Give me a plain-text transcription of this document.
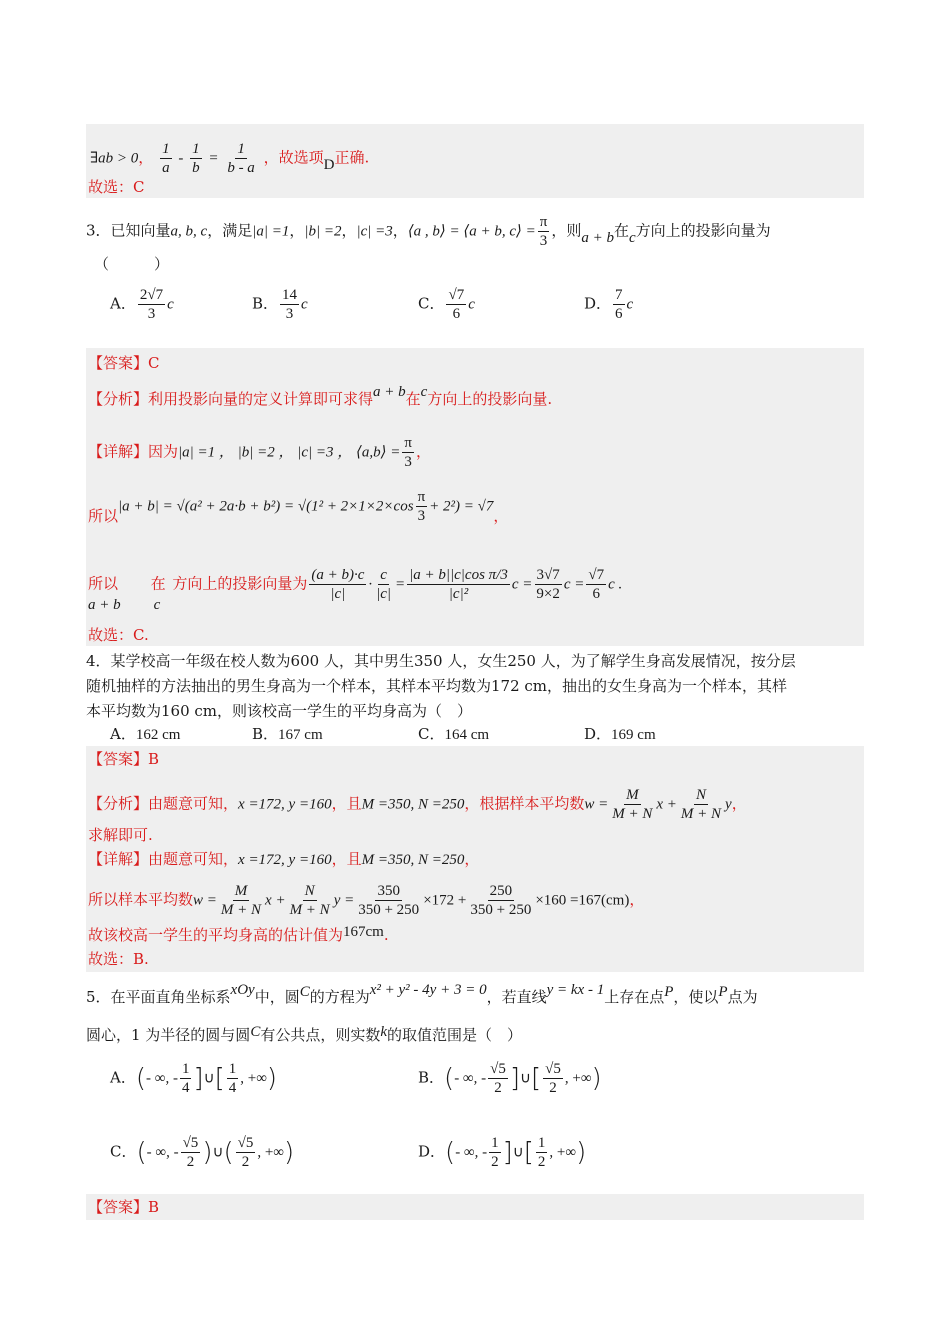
∃ab > 0， $\frac{1}{a} - \frac{1}{b} = \frac{1}{b - a}$ ，故选项D正确.
故选：C
3．已知向量a, b, c，满足|a| =1，|b| =2，|c| =3，⟨a , b⟩ = ⟨a + b, c⟩ = $\frac{\pi}{3}$ ，则a + b在c方向上的投影向量为
（　　　）
A． $\frac{2√7}{3}$ c	B． $\frac{14}{3}$ c	C． $\frac{√7}{6}$ c	D． $\frac{7}{6}$ c
【答案】C
【分析】利用投影向量的定义计算即可求得a + b在c方向上的投影向量.
【详解】因为|a| =1 ， |b| =2 ， |c| =3 ， ⟨a,b⟩ = $\frac{\pi}{3}$ ，
所以$|a + b| = √(a^2 + 2a\cdot b + b^2) = √(1^2 + 2\times 1\times 2\times\cos \frac{\pi}{3} + 2^2) = √7$，
所以a + b在c方向上的投影向量为 $\frac{(a + b)\cdot c}{|c|} \cdot \frac{c}{|c|} = \frac{\text{|a + b||c|cos π/3}}{\text{|c|²}}$ $c = \frac{3√7}{9\times 2}$ $c = \frac{√7}{6}$ c .
故选：C.
4．某学校高一年级在校人数为600 人，其中男生350 人，女生250 人，为了解学生身高发展情况，按分层
随机抽样的方法抽出的男生身高为一个样本，其样本平均数为172 cm，抽出的女生身高为一个样本，其样
本平均数为160 cm，则该校高一学生的平均身高为（　）
A．162 cm	B．167 cm	C．164 cm	D．169 cm
【答案】B
【分析】由题意可知，x =172, y =160，且M =350, N =250，根据样本平均数$w = \frac{M}{M + N}$ $x + \frac{N}{M + N}$ y，
求解即可.
【详解】由题意可知，x =172, y =160，且M =350, N =250，
所以样本平均数$w = \frac{M}{M + N}$ $x + \frac{N}{M + N}$ $y = \frac{350}{350 + 250} \times 172 + \frac{250}{350 + 250} \times 160 =167(cm)$，
故该校高一学生的平均身高的估计值为167cm.
故选：B.
5．在平面直角坐标系xOy中，圆C的方程为x² + y² - 4y + 3 = 0，若直线y = kx - 1上存在点P，使以P点为
圆心，1 为半径的圆与圆C有公共点，则实数k的取值范围是（　）
A．(- ∞, - $\frac{1}{4}$ ]∪[ $\frac{1}{4}$ , +∞)	B．(- ∞, - $\frac{√5}{2}$ ]∪[ $\frac{√5}{2}$ , +∞)
C．(- ∞, - $\frac{√5}{2}$ )∪( $\frac{√5}{2}$ , +∞)	D．(- ∞, - $\frac{1}{2}$ ]∪[ $\frac{1}{2}$ , +∞)
【答案】B
